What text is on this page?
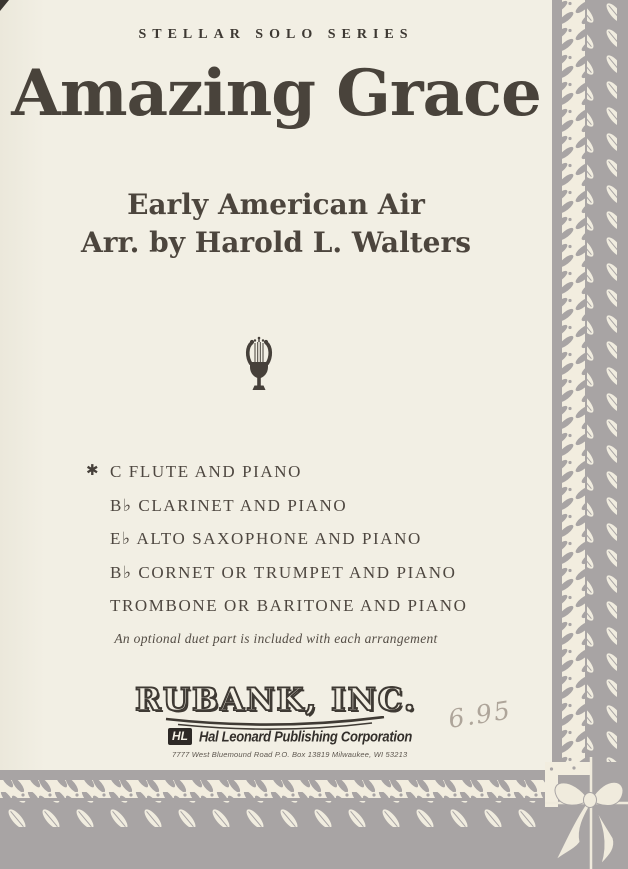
STELLAR SOLO SERIES
Amazing Grace
Early American Air
Arr. by Harold L. Walters
✱ C FLUTE AND PIANO
B♭ CLARINET AND PIANO
E♭ ALTO SAXOPHONE AND PIANO
B♭ CORNET OR TRUMPET AND PIANO
TROMBONE OR BARITONE AND PIANO
An optional duet part is included with each arrangement
RUBANK, INC.
HL Hal Leonard Publishing Corporation
7777 West Bluemound Road P.O. Box 13819 Milwaukee, WI 53213
6.95
